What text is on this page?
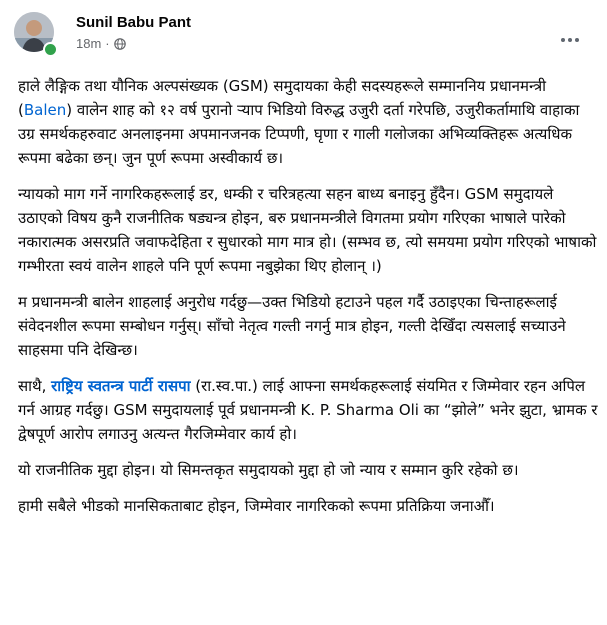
Sunil Babu Pant
18m ·

हाले लैङ्गिक तथा यौनिक अल्पसंख्यक (GSM) समुदायका केही सदस्यहरूले सम्माननिय प्रधानमन्त्री (Balen) वालेन शाह को १२ वर्ष पुरानो र्‍याप भिडियो विरुद्ध उजुरी दर्ता गरेपछि, उजुरीकर्तामाथि वाहाका उग्र समर्थकहरुवाट अनलाइनमा अपमानजनक टिप्पणी, घृणा र गाली गलोजका अभिव्यक्तिहरू अत्यधिक रूपमा बढेका छन्। जुन पूर्ण रूपमा अस्वीकार्य छ।

न्यायको माग गर्ने नागरिकहरूलाई डर, धम्की र चरित्रहत्या सहन बाध्य बनाइनु हुँदैन। GSM समुदायले उठाएको विषय कुनै राजनीतिक षड्यन्त्र होइन, बरु प्रधानमन्त्रीले विगतमा प्रयोग गरिएका भाषाले पारेको नकारात्मक असरप्रति जवाफदेहिता र सुधारको माग मात्र हो। (सम्भव छ, त्यो समयमा प्रयोग गरिएको भाषाको गम्भीरता स्वयं वालेन शाहले पनि पूर्ण रूपमा नबुझेका थिए होलान् ।)

म प्रधानमन्त्री बालेन शाहलाई अनुरोध गर्दछु—उक्त भिडियो हटाउने पहल गर्दै उठाइएका चिन्ताहरूलाई संवेदनशील रूपमा सम्बोधन गर्नुस्। साँचो नेतृत्व गल्ती नगर्नु मात्र होइन, गल्ती देखिँदा त्यसलाई सच्याउने साहसमा पनि देखिन्छ।

साथै, राष्ट्रिय स्वतन्त्र पार्टी रासपा (रा.स्व.पा.) लाई आफ्ना समर्थकहरूलाई संयमित र जिम्मेवार रहन अपिल गर्न आग्रह गर्दछु। GSM समुदायलाई पूर्व प्रधानमन्त्री K. P. Sharma Oli का “झोले” भनेर झुटा, भ्रामक र द्वेषपूर्ण आरोप लगाउनु अत्यन्त गैरजिम्मेवार कार्य हो।

यो राजनीतिक मुद्दा होइन। यो सिमन्तकृत समुदायको मुद्दा हो जो न्याय र सम्मान कुरि रहेको छ।

हामी सबैले भीडको मानसिकताबाट होइन, जिम्मेवार नागरिकको रूपमा प्रतिक्रिया जनाऔँ।
